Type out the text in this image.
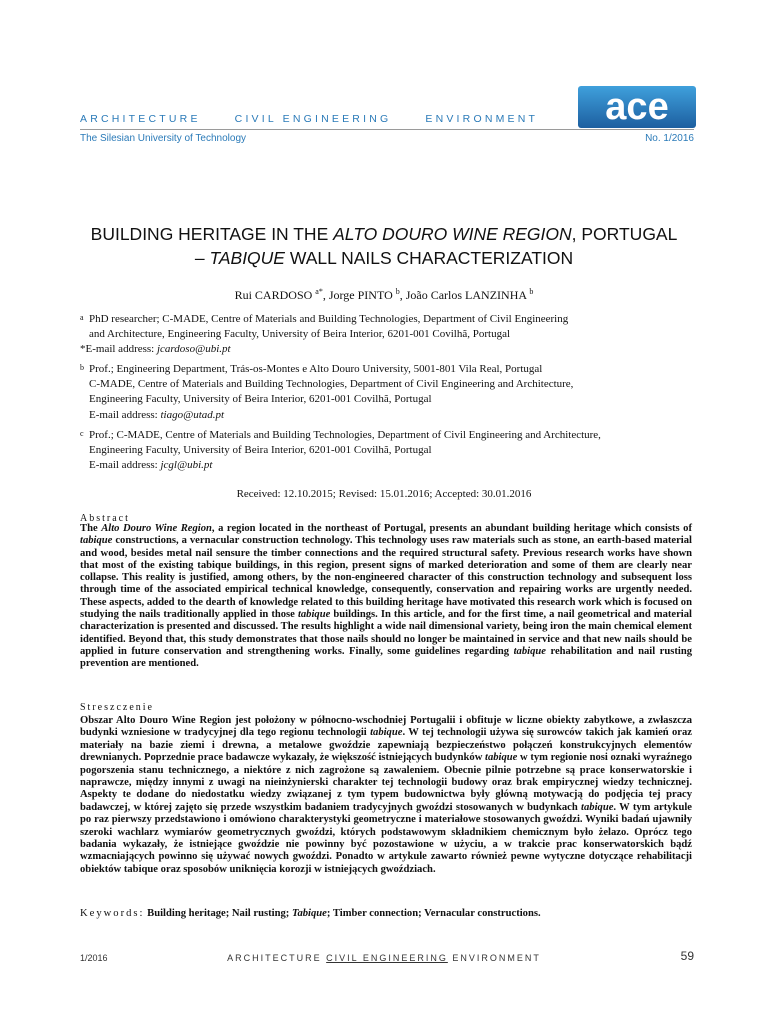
ARCHITECTURE	CIVIL ENGINEERING	ENVIRONMENT ace
The Silesian University of Technology	No. 1/2016
BUILDING HERITAGE IN THE ALTO DOURO WINE REGION, PORTUGAL
– TABIQUE WALL NAILS CHARACTERIZATION
Rui CARDOSO $^{a*}$, Jorge PINTO $^b$, João Carlos LANZINHA $^b$
a PhD researcher; C-MADE, Centre of Materials and Building Technologies, Department of Civil Engineering
and Architecture, Engineering Faculty, University of Beira Interior, 6201-001 Covilhã, Portugal
*E-mail address: jcardoso@ubi.pt
b Prof.; Engineering Department, Trás-os-Montes e Alto Douro University, 5001-801 Vila Real, Portugal
C-MADE, Centre of Materials and Building Technologies, Department of Civil Engineering and Architecture,
Engineering Faculty, University of Beira Interior, 6201-001 Covilhã, Portugal
E-mail address: tiago@utad.pt
c Prof.; C-MADE, Centre of Materials and Building Technologies, Department of Civil Engineering and Architecture,
Engineering Faculty, University of Beira Interior, 6201-001 Covilhã, Portugal
E-mail address: jcgl@ubi.pt
Received: 12.10.2015; Revised: 15.01.2016; Accepted: 30.01.2016
Abstract
The Alto Douro Wine Region, a region located in the northeast of Portugal, presents an abundant building heritage which consists of tabique constructions, a vernacular construction technology. This technology uses raw materials such as stone, an earth-based material and wood, besides metal nail sensure the timber connections and the required structural safety. Previous research works have shown that most of the existing tabique buildings, in this region, present signs of marked deterioration and some of them are clearly near collapse. This reality is justified, among others, by the non-engineered character of this construction technology and subsequent loss through time of the associated empirical technical knowledge, consequently, conservation and repairing works are urgently needed. These aspects, added to the dearth of knowledge related to this building heritage have motivated this research work which is focused on studying the nails traditionally applied in those tabique buildings. In this article, and for the first time, a nail geometrical and material characterization is presented and discussed. The results highlight a wide nail dimensional variety, being iron the main chemical element identified. Beyond that, this study demonstrates that those nails should no longer be maintained in service and that new nails should be applied in future conservation and strengthening works. Finally, some guidelines regarding tabique rehabilitation and nail rusting prevention are mentioned.
Streszczenie
Obszar Alto Douro Wine Region jest położony w północno-wschodniej Portugalii i obfituje w liczne obiekty zabytkowe, a zwłaszcza budynki wzniesione w tradycyjnej dla tego regionu technologii tabique. W tej technologii używa się surowców takich jak kamień oraz materiały na bazie ziemi i drewna, a metalowe gwoździe zapewniają bezpieczeństwo połączeń konstrukcyjnych elementów drewnianych. Poprzednie prace badawcze wykazały, że większość istniejących budynków tabique w tym regionie nosi oznaki wyraźnego pogorszenia stanu technicznego, a niektóre z nich zagrożone są zawaleniem. Obecnie pilnie potrzebne są prace konserwatorskie i naprawcze, między innymi z uwagi na nieinżynierski charakter tej technologii budowy oraz brak empirycznej wiedzy technicznej. Aspekty te dodane do niedostatku wiedzy związanej z tym typem budownictwa były główną motywacją do podjęcia tej pracy badawczej, w której zajęto się przede wszystkim badaniem tradycyjnych gwoździ stosowanych w budynkach tabique. W tym artykule po raz pierwszy przedstawiono i omówiono charakterystyki geometryczne i materiałowe stosowanych gwoździ. Wyniki badań ujawniły szeroki wachlarz wymiarów geometrycznych gwoździ, których podstawowym składnikiem chemicznym było żelazo. Oprócz tego badania wykazały, że istniejące gwoździe nie powinny być pozostawione w użyciu, a w trakcie prac konserwatorskich bądź wzmacniających powinno się używać nowych gwoździ. Ponadto w artykule zawarto również pewne wytyczne dotyczące rehabilitacji obiektów tabique oraz sposobów uniknięcia korozji w istniejących gwoździach.
Keywords: Building heritage; Nail rusting; Tabique; Timber connection; Vernacular constructions.
1/2016	ARCHITECTURE CIVIL ENGINEERING ENVIRONMENT	59
